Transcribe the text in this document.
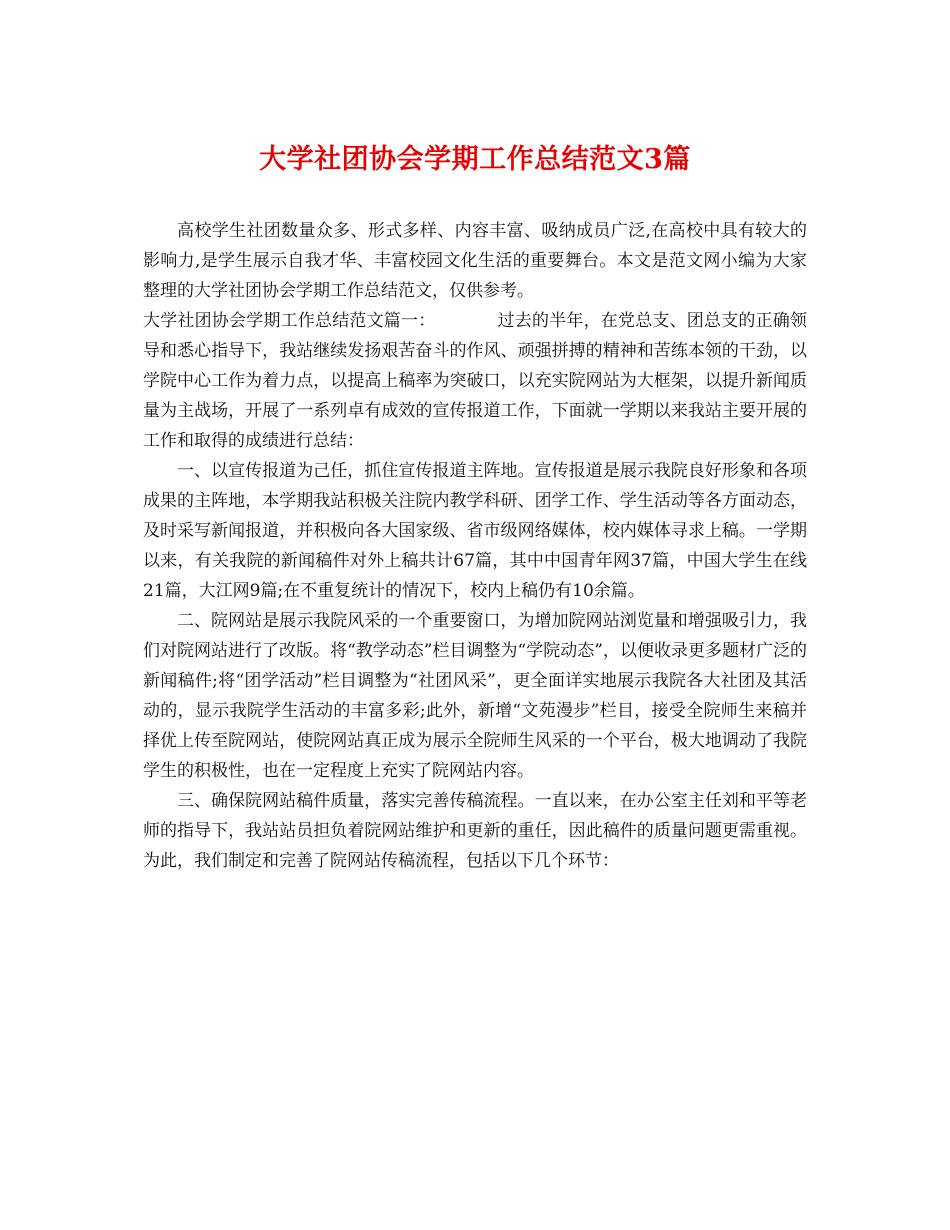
大学社团协会学期工作总结范文3篇

高校学生社团数量众多、形式多样、内容丰富、吸纳成员广泛,在高校中具有较大的影响力,是学生展示自我才华、丰富校园文化生活的重要舞台。本文是范文网小编为大家整理的大学社团协会学期工作总结范文，仅供参考。

大学社团协会学期工作总结范文篇一：	过去的半年，在党总支、团总支的正确领导和悉心指导下，我站继续发扬艰苦奋斗的作风、顽强拼搏的精神和苦练本领的干劲，以学院中心工作为着力点，以提高上稿率为突破口，以充实院网站为大框架，以提升新闻质量为主战场，开展了一系列卓有成效的宣传报道工作，下面就一学期以来我站主要开展的工作和取得的成绩进行总结：

一、以宣传报道为己任，抓住宣传报道主阵地。宣传报道是展示我院良好形象和各项成果的主阵地，本学期我站积极关注院内教学科研、团学工作、学生活动等各方面动态，及时采写新闻报道，并积极向各大国家级、省市级网络媒体，校内媒体寻求上稿。一学期以来，有关我院的新闻稿件对外上稿共计67篇，其中中国青年网37篇，中国大学生在线21篇，大江网9篇;在不重复统计的情况下，校内上稿仍有10余篇。

二、院网站是展示我院风采的一个重要窗口，为增加院网站浏览量和增强吸引力，我们对院网站进行了改版。将“教学动态”栏目调整为“学院动态”，以便收录更多题材广泛的新闻稿件;将“团学活动”栏目调整为“社团风采”，更全面详实地展示我院各大社团及其活动的，显示我院学生活动的丰富多彩;此外，新增“文苑漫步”栏目，接受全院师生来稿并择优上传至院网站，使院网站真正成为展示全院师生风采的一个平台，极大地调动了我院学生的积极性，也在一定程度上充实了院网站内容。

三、确保院网站稿件质量，落实完善传稿流程。一直以来，在办公室主任刘和平等老师的指导下，我站站员担负着院网站维护和更新的重任，因此稿件的质量问题更需重视。为此，我们制定和完善了院网站传稿流程，包括以下几个环节：
